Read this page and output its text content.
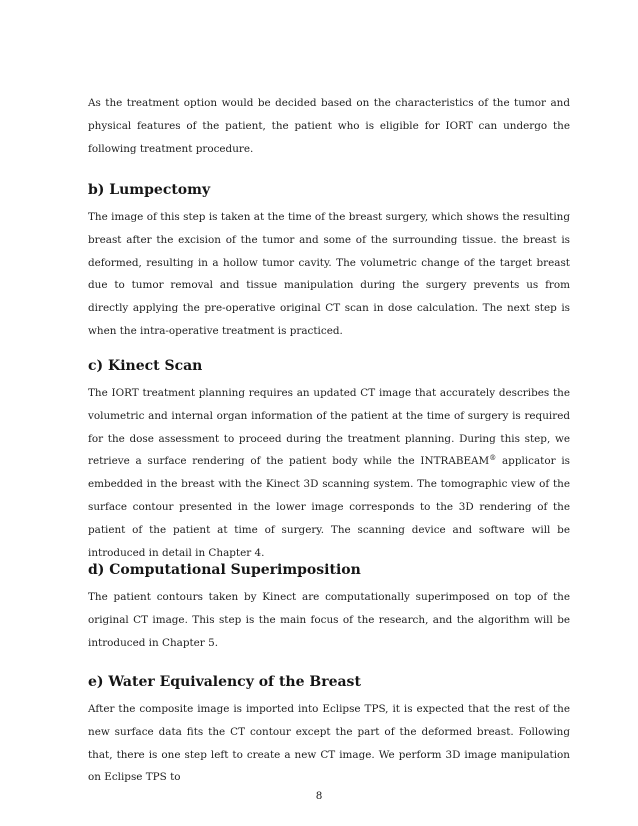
As the treatment option would be decided based on the characteristics of the tumor and physical features of the patient, the patient who is eligible for IORT can undergo the following treatment procedure.

b) Lumpectomy

The image of this step is taken at the time of the breast surgery, which shows the resulting breast after the excision of the tumor and some of the surrounding tissue. the breast is deformed, resulting in a hollow tumor cavity. The volumetric change of the target breast due to tumor removal and tissue manipulation during the surgery prevents us from directly applying the pre-operative original CT scan in dose calculation. The next step is when the intra-operative treatment is practiced.

c) Kinect Scan

The IORT treatment planning requires an updated CT image that accurately describes the volumetric and internal organ information of the patient at the time of surgery is required for the dose assessment to proceed during the treatment planning. During this step, we retrieve a surface rendering of the patient body while the INTRABEAM® applicator is embedded in the breast with the Kinect 3D scanning system. The tomographic view of the surface contour presented in the lower image corresponds to the 3D rendering of the patient of the patient at time of surgery. The scanning device and software will be introduced in detail in Chapter 4.

d) Computational Superimposition

The patient contours taken by Kinect are computationally superimposed on top of the original CT image. This step is the main focus of the research, and the algorithm will be introduced in Chapter 5.

e) Water Equivalency of the Breast

After the composite image is imported into Eclipse TPS, it is expected that the rest of the new surface data fits the CT contour except the part of the deformed breast. Following that, there is one step left to create a new CT image. We perform 3D image manipulation on Eclipse TPS to

8
